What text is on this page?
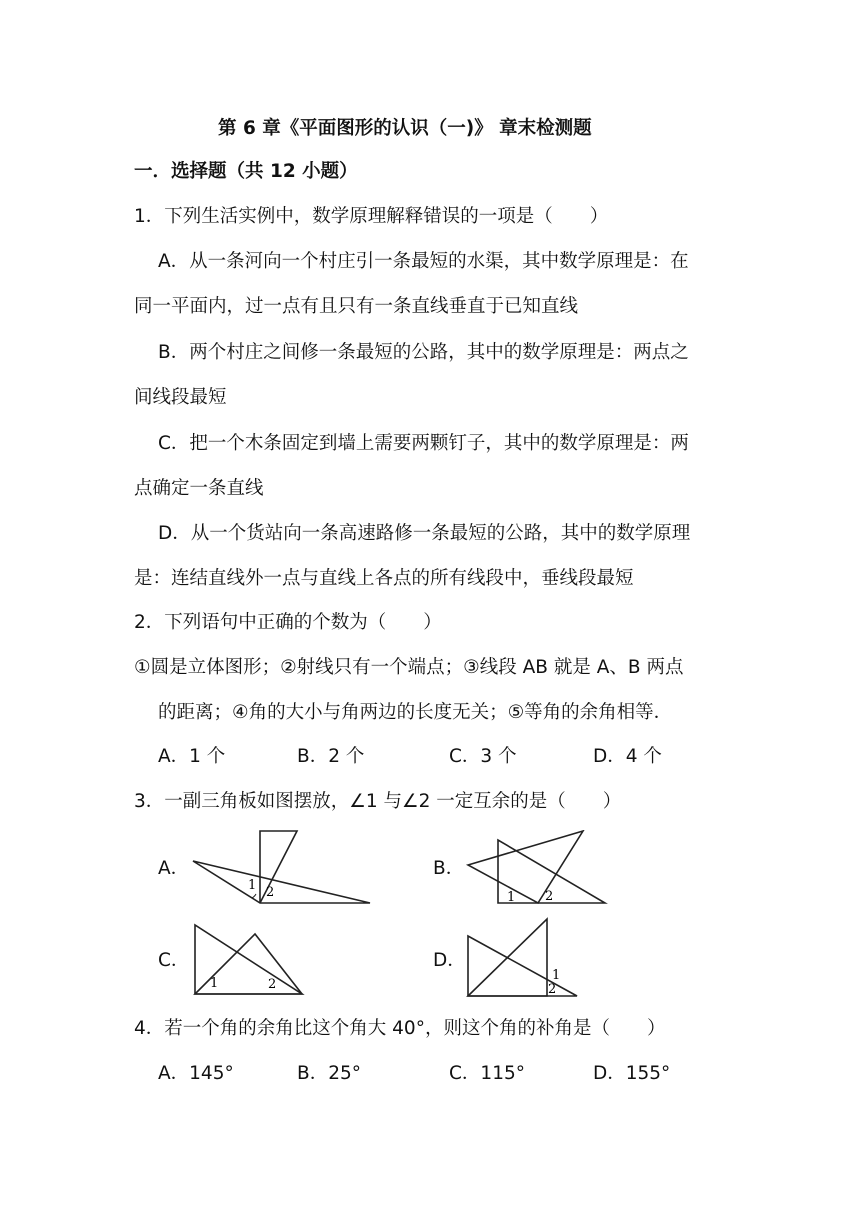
第 6 章《平面图形的认识（一)》 章末检测题
一．选择题（共 12 小题）
1．下列生活实例中，数学原理解释错误的一项是（　　）
A．从一条河向一个村庄引一条最短的水渠，其中数学原理是：在
同一平面内，过一点有且只有一条直线垂直于已知直线
B．两个村庄之间修一条最短的公路，其中的数学原理是：两点之
间线段最短
C．把一个木条固定到墙上需要两颗钉子，其中的数学原理是：两
点确定一条直线
D．从一个货站向一条高速路修一条最短的公路，其中的数学原理
是：连结直线外一点与直线上各点的所有线段中，垂线段最短
2．下列语句中正确的个数为（　　）
①圆是立体图形；②射线只有一个端点；③线段 AB 就是 A、B 两点
的距离；④角的大小与角两边的长度无关；⑤等角的余角相等．
A．1 个	B．2 个	C．3 个	D．4 个
3．一副三角板如图摆放，∠1 与∠2 一定互余的是（　　）
A．
1 2
B．
1 2
C．
1	2
D．
1
2
4．若一个角的余角比这个角大 40°，则这个角的补角是（　　）
A．145°	B．25°	C．115°	D．155°
